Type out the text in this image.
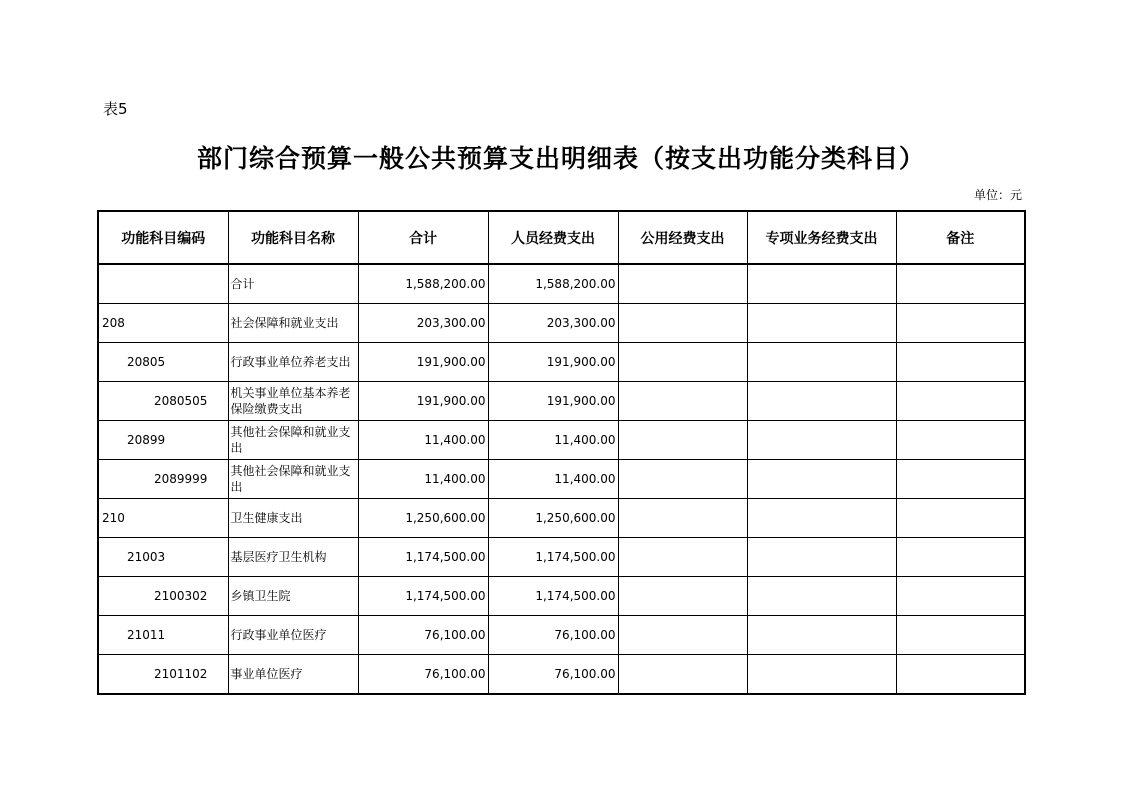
表5
部门综合预算一般公共预算支出明细表（按支出功能分类科目）
单位：元
功能科目编码	功能科目名称	合计	人员经费支出	公用经费支出	专项业务经费支出	备注
	合计	1,588,200.00	1,588,200.00			
208	社会保障和就业支出	203,300.00	203,300.00			
20805	行政事业单位养老支出	191,900.00	191,900.00			
2080505	机关事业单位基本养老保险缴费支出	191,900.00	191,900.00			
20899	其他社会保障和就业支出	11,400.00	11,400.00			
2089999	其他社会保障和就业支出	11,400.00	11,400.00			
210	卫生健康支出	1,250,600.00	1,250,600.00			
21003	基层医疗卫生机构	1,174,500.00	1,174,500.00			
2100302	乡镇卫生院	1,174,500.00	1,174,500.00			
21011	行政事业单位医疗	76,100.00	76,100.00			
2101102	事业单位医疗	76,100.00	76,100.00			
